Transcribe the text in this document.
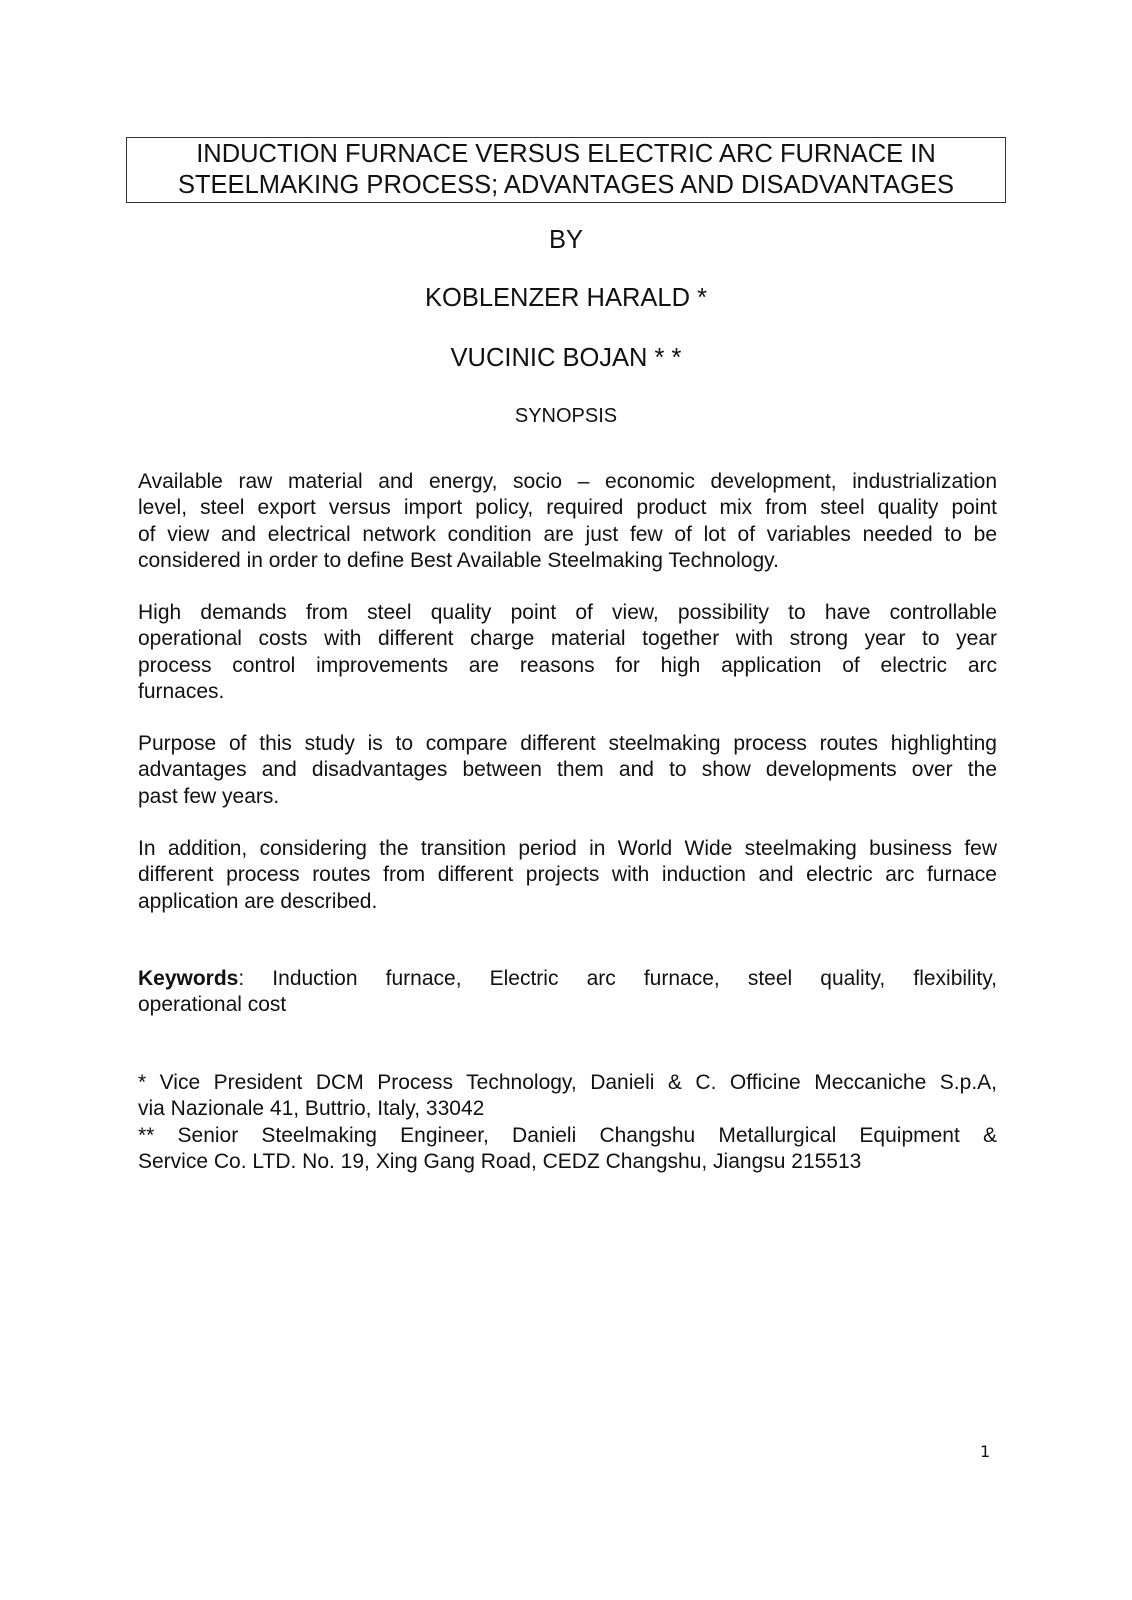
INDUCTION FURNACE VERSUS ELECTRIC ARC FURNACE IN
STEELMAKING PROCESS; ADVANTAGES AND DISADVANTAGES
BY
KOBLENZER HARALD *
VUCINIC BOJAN * *
SYNOPSIS
Available raw material and energy, socio – economic development, industrialization
level, steel export versus import policy, required product mix from steel quality point
of view and electrical network condition are just few of lot of variables needed to be
considered in order to define Best Available Steelmaking Technology.
High demands from steel quality point of view, possibility to have controllable
operational costs with different charge material together with strong year to year
process control improvements are reasons for high application of electric arc
furnaces.
Purpose of this study is to compare different steelmaking process routes highlighting
advantages and disadvantages between them and to show developments over the
past few years.
In addition, considering the transition period in World Wide steelmaking business few
different process routes from different projects with induction and electric arc furnace
application are described.
Keywords: Induction furnace, Electric arc furnace, steel quality, flexibility,
operational cost
* Vice President DCM Process Technology, Danieli & C. Officine Meccaniche S.p.A,
via Nazionale 41, Buttrio, Italy, 33042
** Senior Steelmaking Engineer, Danieli Changshu Metallurgical Equipment &
Service Co. LTD. No. 19, Xing Gang Road, CEDZ Changshu, Jiangsu 215513
1
